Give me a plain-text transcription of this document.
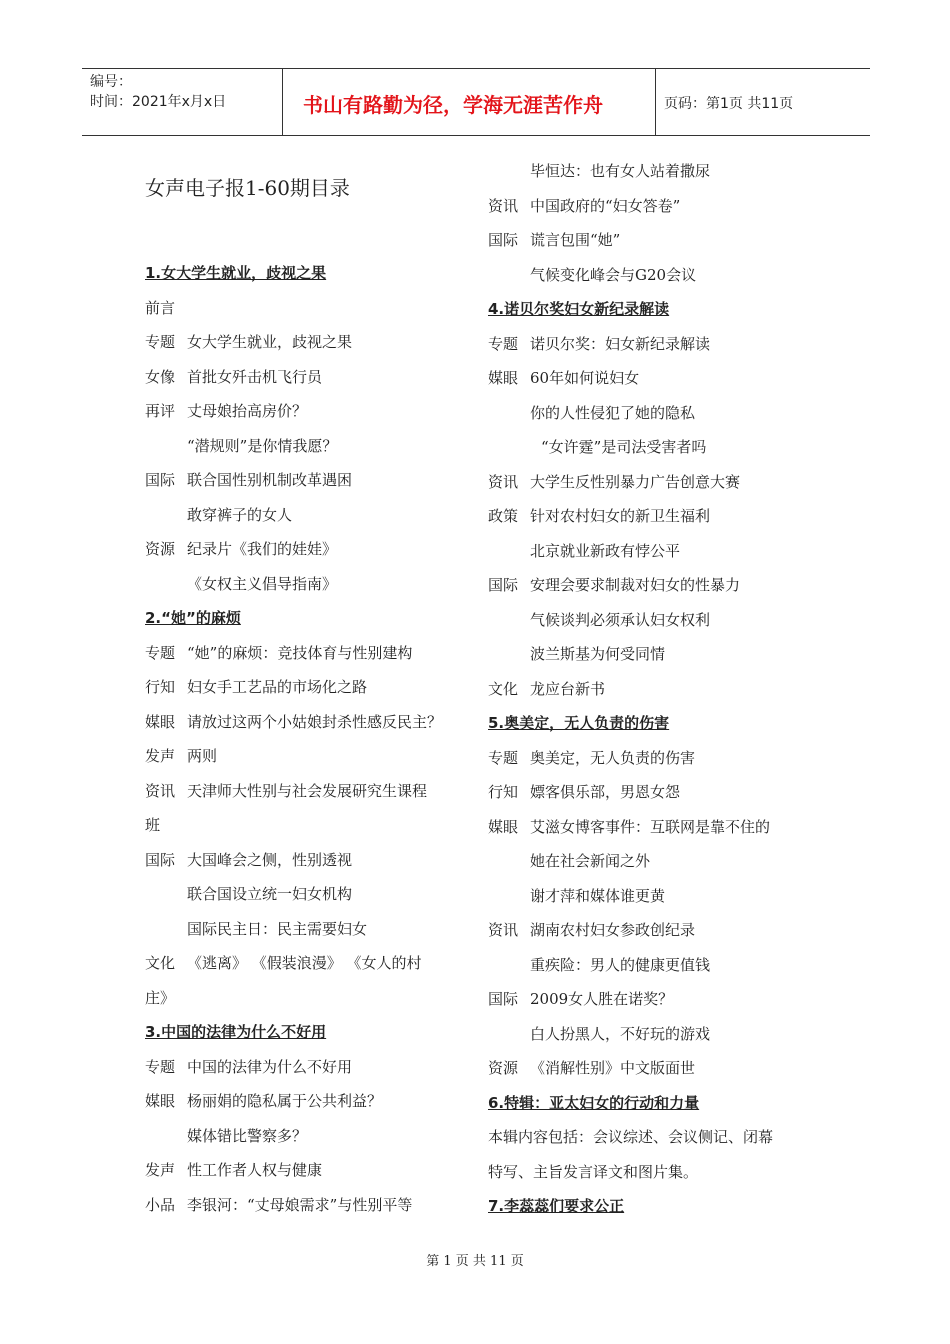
编号：
时间：2021年x月x日	书山有路勤为径，学海无涯苦作舟	页码：第1页 共11页
女声电子报1-60期目录
1.女大学生就业，歧视之果
前言
专题 女大学生就业，歧视之果
女像 首批女歼击机飞行员
再评 丈母娘抬高房价？
“潜规则”是你情我愿？
国际 联合国性别机制改革遇困
敢穿裤子的女人
资源 纪录片《我们的娃娃》
《女权主义倡导指南》
2.“她”的麻烦
专题 “她”的麻烦：竞技体育与性别建构
行知 妇女手工艺品的市场化之路
媒眼 请放过这两个小姑娘封杀性感反民主？
发声 两则
资讯 天津师大性别与社会发展研究生课程
班
国际 大国峰会之侧，性别透视
联合国设立统一妇女机构
国际民主日：民主需要妇女
文化 《逃离》 《假装浪漫》 《女人的村
庄》
3.中国的法律为什么不好用
专题 中国的法律为什么不好用
媒眼 杨丽娟的隐私属于公共利益？
媒体错比警察多？
发声 性工作者人权与健康
小品 李银河：“丈母娘需求”与性别平等
毕恒达：也有女人站着撒尿
资讯 中国政府的“妇女答卷”
国际 谎言包围“她”
气候变化峰会与G20会议
4.诺贝尔奖妇女新纪录解读
专题 诺贝尔奖：妇女新纪录解读
媒眼 60年如何说妇女
你的人性侵犯了她的隐私
“女许霆”是司法受害者吗
资讯 大学生反性别暴力广告创意大赛
政策 针对农村妇女的新卫生福利
北京就业新政有悖公平
国际 安理会要求制裁对妇女的性暴力
气候谈判必须承认妇女权利
波兰斯基为何受同情
文化 龙应台新书
5.奥美定，无人负责的伤害
专题 奥美定，无人负责的伤害
行知 嫖客俱乐部，男恩女怨
媒眼 艾滋女博客事件：互联网是靠不住的
她在社会新闻之外
谢才萍和媒体谁更黄
资讯 湖南农村妇女参政创纪录
重疾险：男人的健康更值钱
国际 2009女人胜在诺奖？
白人扮黑人，不好玩的游戏
资源 《消解性别》中文版面世
6.特辑：亚太妇女的行动和力量
本辑内容包括：会议综述、会议侧记、闭幕
特写、主旨发言译文和图片集。
7.李蕊蕊们要求公正
第 1 页 共 11 页
